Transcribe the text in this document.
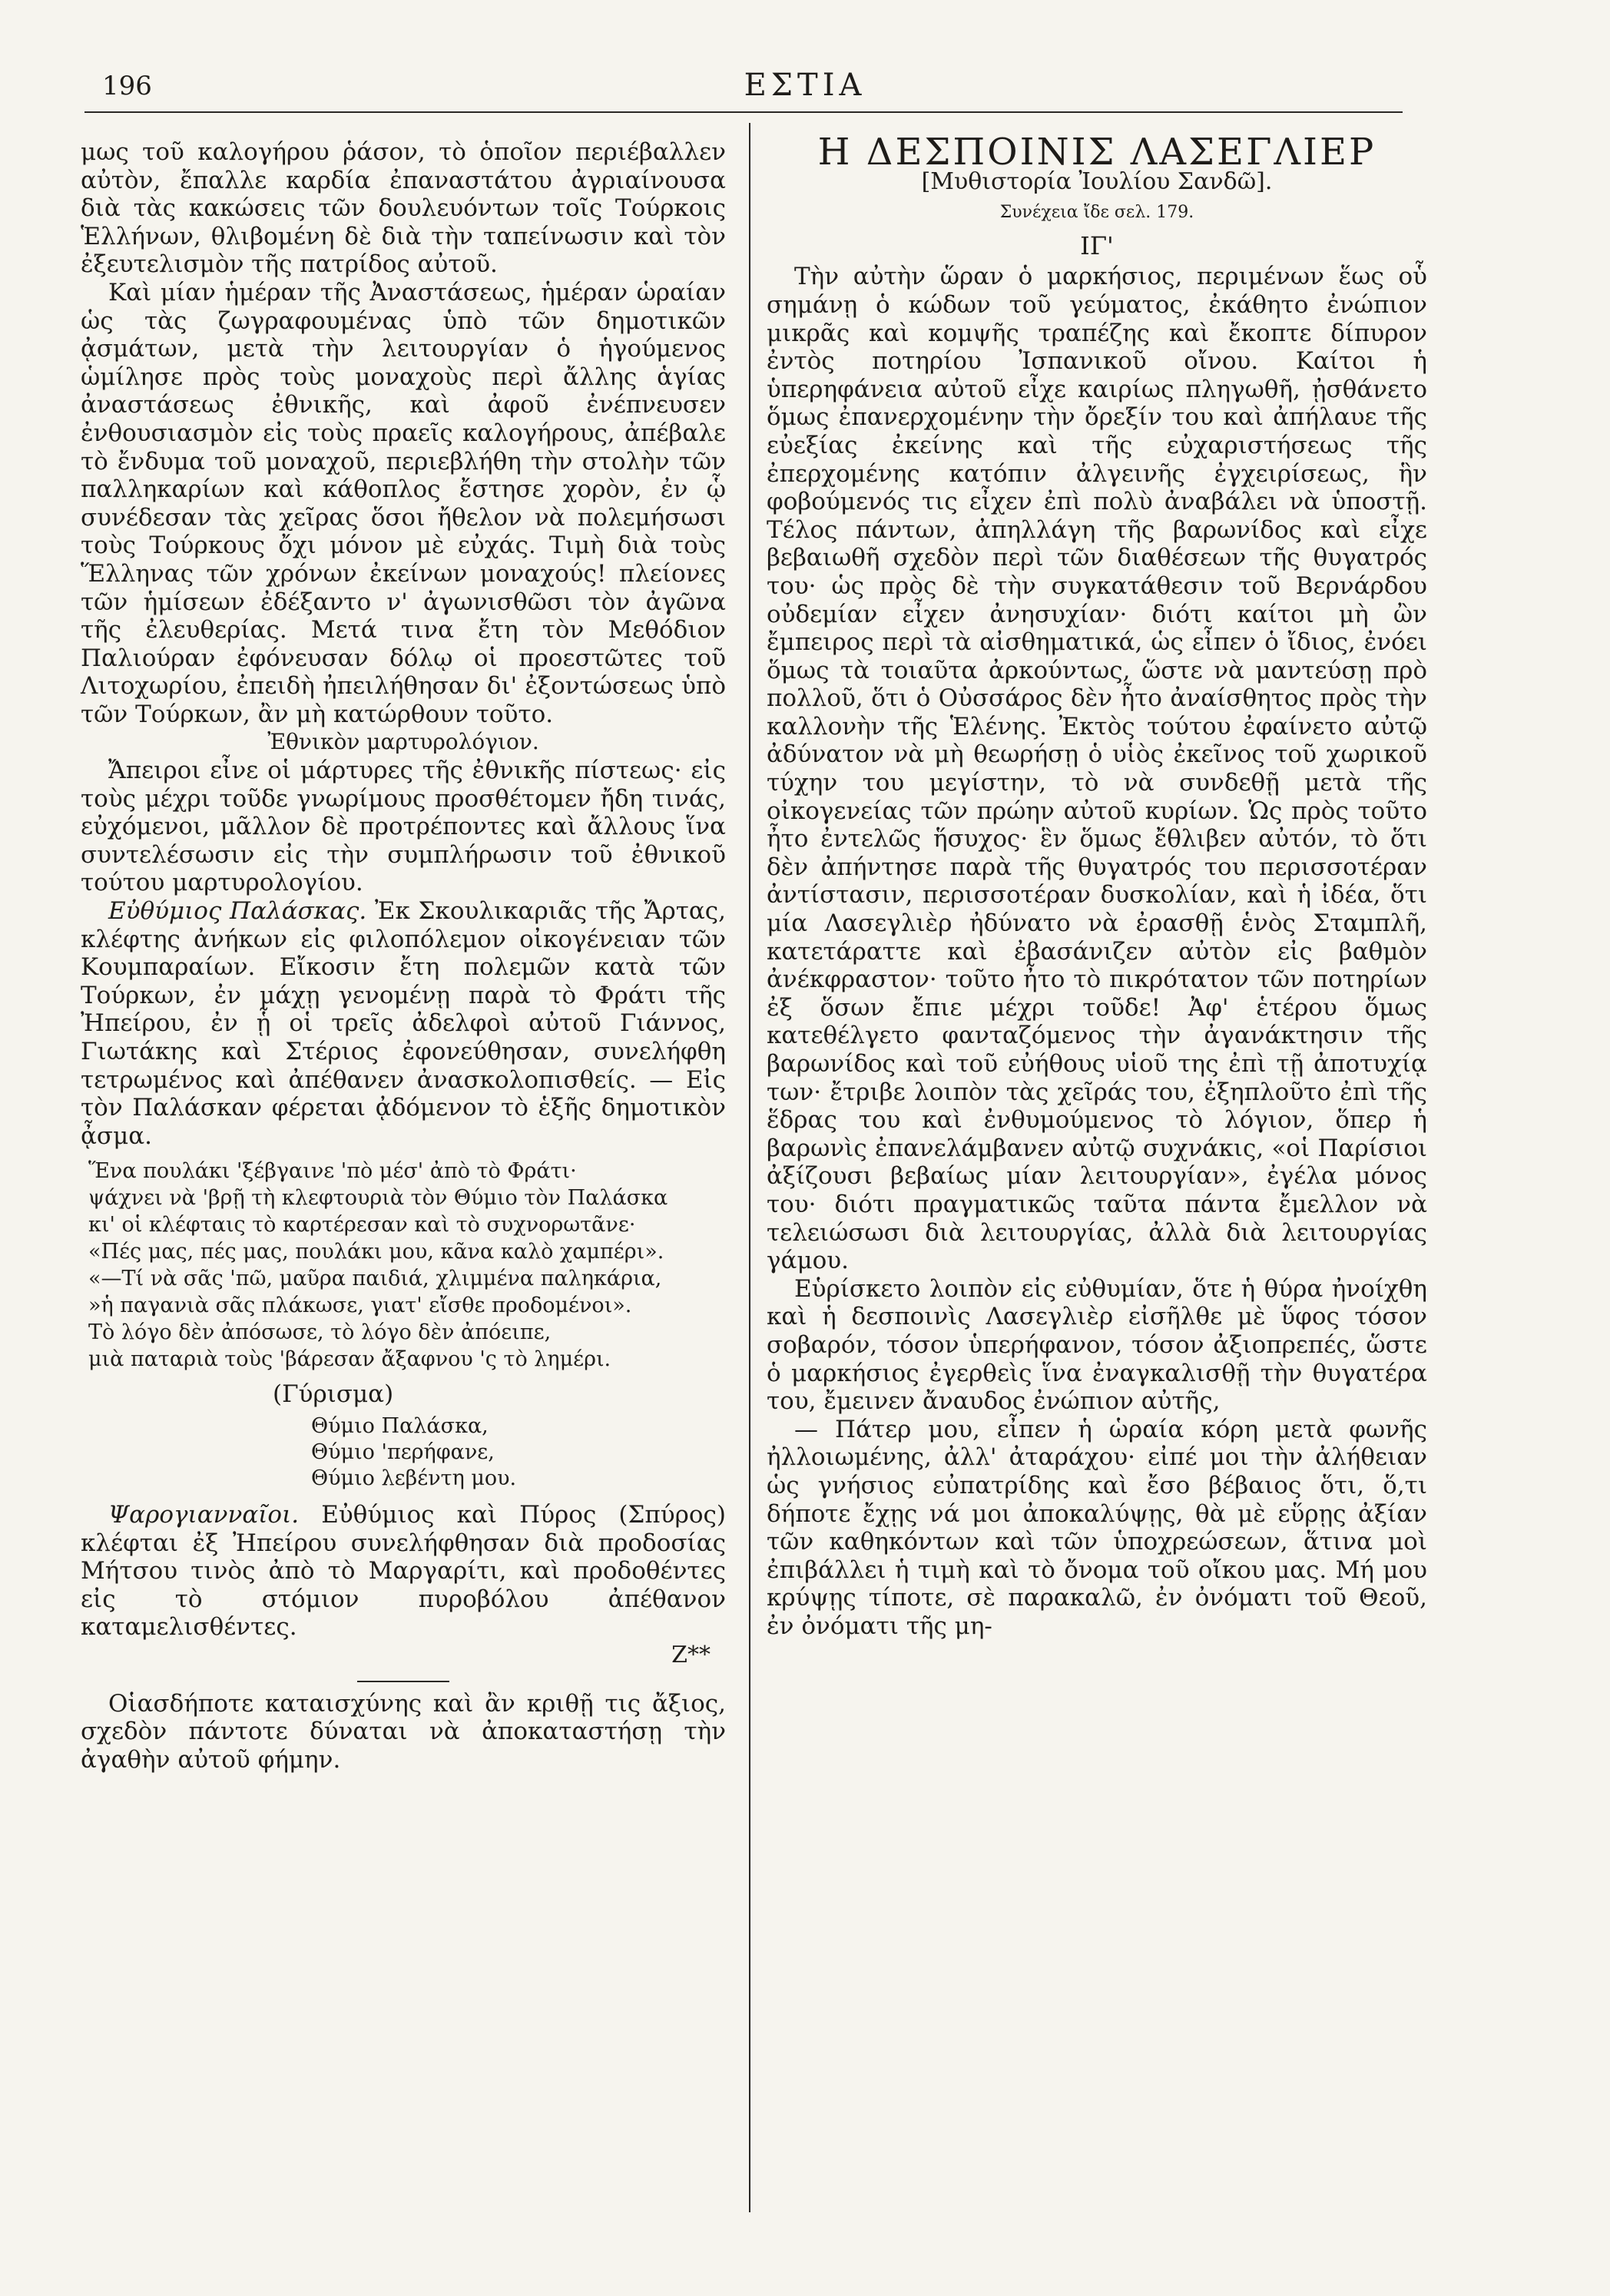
196	ΕΣΤΙΑ

μως τοῦ καλογήρου ῥάσον, τὸ ὁποῖον περιέβαλλεν αὐτὸν, ἔπαλλε καρδία ἐπαναστάτου ἀγριαίνουσα διὰ τὰς κακώσεις τῶν δουλευόντων τοῖς Τούρκοις Ἑλλήνων, θλιβομένη δὲ διὰ τὴν ταπείνωσιν καὶ τὸν ἐξευτελισμὸν τῆς πατρίδος αὐτοῦ.

Καὶ μίαν ἡμέραν τῆς Ἀναστάσεως, ἡμέραν ὡραίαν ὡς τὰς ζωγραφουμένας ὑπὸ τῶν δημοτικῶν ᾀσμάτων, μετὰ τὴν λειτουργίαν ὁ ἡγούμενος ὡμίλησε πρὸς τοὺς μοναχοὺς περὶ ἄλλης ἁγίας ἀναστάσεως ἐθνικῆς, καὶ ἀφοῦ ἐνέπνευσεν ἐνθουσιασμὸν εἰς τοὺς πραεῖς καλογήρους, ἀπέβαλε τὸ ἔνδυμα τοῦ μοναχοῦ, περιεβλήθη τὴν στολὴν τῶν παλληκαρίων καὶ κάθοπλος ἔστησε χορὸν, ἐν ᾧ συνέδεσαν τὰς χεῖρας ὅσοι ἤθελον νὰ πολεμήσωσι τοὺς Τούρκους ὄχι μόνον μὲ εὐχάς. Τιμὴ διὰ τοὺς Ἕλληνας τῶν χρόνων ἐκείνων μοναχούς! πλείονες τῶν ἡμίσεων ἐδέξαντο ν' ἀγωνισθῶσι τὸν ἀγῶνα τῆς ἐλευθερίας. Μετά τινα ἔτη τὸν Μεθόδιον Παλιούραν ἐφόνευσαν δόλῳ οἱ προεστῶτες τοῦ Λιτοχωρίου, ἐπειδὴ ἠπειλήθησαν δι' ἐξοντώσεως ὑπὸ τῶν Τούρκων, ἂν μὴ κατώρθουν τοῦτο.

Ἐθνικὸν μαρτυρολόγιον.

Ἄπειροι εἶνε οἱ μάρτυρες τῆς ἐθνικῆς πίστεως· εἰς τοὺς μέχρι τοῦδε γνωρίμους προσθέτομεν ἤδη τινάς, εὐχόμενοι, μᾶλλον δὲ προτρέποντες καὶ ἄλλους ἵνα συντελέσωσιν εἰς τὴν συμπλήρωσιν τοῦ ἐθνικοῦ τούτου μαρτυρολογίου.

Εὐθύμιος Παλάσκας. Ἐκ Σκουλικαριᾶς τῆς Ἄρτας, κλέφτης ἀνήκων εἰς φιλοπόλεμον οἰκογένειαν τῶν Κουμπαραίων. Εἴκοσιν ἔτη πολεμῶν κατὰ τῶν Τούρκων, ἐν μάχῃ γενομένῃ παρὰ τὸ Φράτι τῆς Ἠπείρου, ἐν ᾗ οἱ τρεῖς ἀδελφοὶ αὐτοῦ Γιάννος, Γιωτάκης καὶ Στέριος ἐφονεύθησαν, συνελήφθη τετρωμένος καὶ ἀπέθανεν ἀνασκολοπισθείς. — Εἰς τὸν Παλάσκαν φέρεται ᾀδόμενον τὸ ἑξῆς δημοτικὸν ᾆσμα.

Ἕνα πουλάκι 'ξέβγαινε 'πὸ μέσ' ἀπὸ τὸ Φράτι·
ψάχνει νὰ 'βρῇ τὴ κλεφτουριὰ τὸν Θύμιο τὸν Παλάσκα
κι' οἱ κλέφταις τὸ καρτέρεσαν καὶ τὸ συχνορωτᾶνε·
«Πές μας, πές μας, πουλάκι μου, κᾶνα καλὸ χαμπέρι».
«—Τί νὰ σᾶς 'πῶ, μαῦρα παιδιά, χλιμμένα παληκάρια,
»ἡ παγανιὰ σᾶς πλάκωσε, γιατ' εἴσθε προδομένοι».
Τὸ λόγο δὲν ἀπόσωσε, τὸ λόγο δὲν ἀπόειπε,
μιὰ παταριὰ τοὺς 'βάρεσαν ἄξαφνου 'ς τὸ λημέρι.
(Γύρισμα)
Θύμιο Παλάσκα,
Θύμιο 'περήφανε,
Θύμιο λεβέντη μου.

Ψαρογιανναῖοι. Εὐθύμιος καὶ Πύρος (Σπύρος) κλέφται ἐξ Ἠπείρου συνελήφθησαν διὰ προδοσίας Μήτσου τινὸς ἀπὸ τὸ Μαργαρίτι, καὶ προδοθέντες εἰς τὸ στόμιον πυροβόλου ἀπέθανον καταμελισθέντες.

Ζ**

Οἱασδήποτε καταισχύνης καὶ ἂν κριθῇ τις ἄξιος, σχεδὸν πάντοτε δύναται νὰ ἀποκαταστήσῃ τὴν ἀγαθὴν αὐτοῦ φήμην.

Η ΔΕΣΠΟΙΝΙΣ ΛΑΣΕΓΛΙΕΡ
[Μυθιστορία Ἰουλίου Σανδῶ].
Συνέχεια ἴδε σελ. 179.
ΙΓ'

Τὴν αὐτὴν ὥραν ὁ μαρκήσιος, περιμένων ἕως οὗ σημάνῃ ὁ κώδων τοῦ γεύματος, ἐκάθητο ἐνώπιον μικρᾶς καὶ κομψῆς τραπέζης καὶ ἔκοπτε δίπυρον ἐντὸς ποτηρίου Ἰσπανικοῦ οἴνου. Καίτοι ἡ ὑπερηφάνεια αὐτοῦ εἶχε καιρίως πληγωθῆ, ᾐσθάνετο ὅμως ἐπανερχομένην τὴν ὄρεξίν του καὶ ἀπήλαυε τῆς εὐεξίας ἐκείνης καὶ τῆς εὐχαριστήσεως τῆς ἐπερχομένης κατόπιν ἀλγεινῆς ἐγχειρίσεως, ἣν φοβούμενός τις εἶχεν ἐπὶ πολὺ ἀναβάλει νὰ ὑποστῇ. Τέλος πάντων, ἀπηλλάγη τῆς βαρωνίδος καὶ εἶχε βεβαιωθῆ σχεδὸν περὶ τῶν διαθέσεων τῆς θυγατρός του· ὡς πρὸς δὲ τὴν συγκατάθεσιν τοῦ Βερνάρδου οὐδεμίαν εἶχεν ἀνησυχίαν· διότι καίτοι μὴ ὢν ἔμπειρος περὶ τὰ αἰσθηματικά, ὡς εἶπεν ὁ ἴδιος, ἐνόει ὅμως τὰ τοιαῦτα ἀρκούντως, ὥστε νὰ μαντεύσῃ πρὸ πολλοῦ, ὅτι ὁ Οὐσσάρος δὲν ἦτο ἀναίσθητος πρὸς τὴν καλλονὴν τῆς Ἑλένης. Ἐκτὸς τούτου ἐφαίνετο αὐτῷ ἀδύνατον νὰ μὴ θεωρήσῃ ὁ υἱὸς ἐκεῖνος τοῦ χωρικοῦ τύχην του μεγίστην, τὸ νὰ συνδεθῇ μετὰ τῆς οἰκογενείας τῶν πρώην αὐτοῦ κυρίων. Ὡς πρὸς τοῦτο ἦτο ἐντελῶς ἥσυχος· ἓν ὅμως ἔθλιβεν αὐτόν, τὸ ὅτι δὲν ἀπήντησε παρὰ τῆς θυγατρός του περισσοτέραν ἀντίστασιν, περισσοτέραν δυσκολίαν, καὶ ἡ ἰδέα, ὅτι μία Λασεγλιὲρ ἠδύνατο νὰ ἐρασθῇ ἑνὸς Σταμπλῆ, κατετάραττε καὶ ἐβασάνιζεν αὐτὸν εἰς βαθμὸν ἀνέκφραστον· τοῦτο ἦτο τὸ πικρότατον τῶν ποτηρίων ἐξ ὅσων ἔπιε μέχρι τοῦδε! Ἀφ' ἑτέρου ὅμως κατεθέλγετο φανταζόμενος τὴν ἀγανάκτησιν τῆς βαρωνίδος καὶ τοῦ εὐήθους υἱοῦ της ἐπὶ τῇ ἀποτυχίᾳ των· ἔτριβε λοιπὸν τὰς χεῖράς του, ἐξηπλοῦτο ἐπὶ τῆς ἕδρας του καὶ ἐνθυμούμενος τὸ λόγιον, ὅπερ ἡ βαρωνὶς ἐπανελάμβανεν αὐτῷ συχνάκις, «οἱ Παρίσιοι ἀξίζουσι βεβαίως μίαν λειτουργίαν», ἐγέλα μόνος του· διότι πραγματικῶς ταῦτα πάντα ἔμελλον νὰ τελειώσωσι διὰ λειτουργίας, ἀλλὰ διὰ λειτουργίας γάμου.

Εὑρίσκετο λοιπὸν εἰς εὐθυμίαν, ὅτε ἡ θύρα ἠνοίχθη καὶ ἡ δεσποινὶς Λασεγλιὲρ εἰσῆλθε μὲ ὕφος τόσον σοβαρόν, τόσον ὑπερήφανον, τόσον ἀξιοπρεπές, ὥστε ὁ μαρκήσιος ἐγερθεὶς ἵνα ἐναγκαλισθῇ τὴν θυγατέρα του, ἔμεινεν ἄναυδος ἐνώπιον αὐτῆς,

— Πάτερ μου, εἶπεν ἡ ὡραία κόρη μετὰ φωνῆς ἠλλοιωμένης, ἀλλ' ἀταράχου· εἰπέ μοι τὴν ἀλήθειαν ὡς γνήσιος εὐπατρίδης καὶ ἔσο βέβαιος ὅτι, ὅ,τι δήποτε ἔχῃς νά μοι ἀποκαλύψῃς, θὰ μὲ εὕρῃς ἀξίαν τῶν καθηκόντων καὶ τῶν ὑποχρεώσεων, ἅτινα μοὶ ἐπιβάλλει ἡ τιμὴ καὶ τὸ ὄνομα τοῦ οἴκου μας. Μή μου κρύψῃς τίποτε, σὲ παρακαλῶ, ἐν ὀνόματι τοῦ Θεοῦ, ἐν ὀνόματι τῆς μη-
